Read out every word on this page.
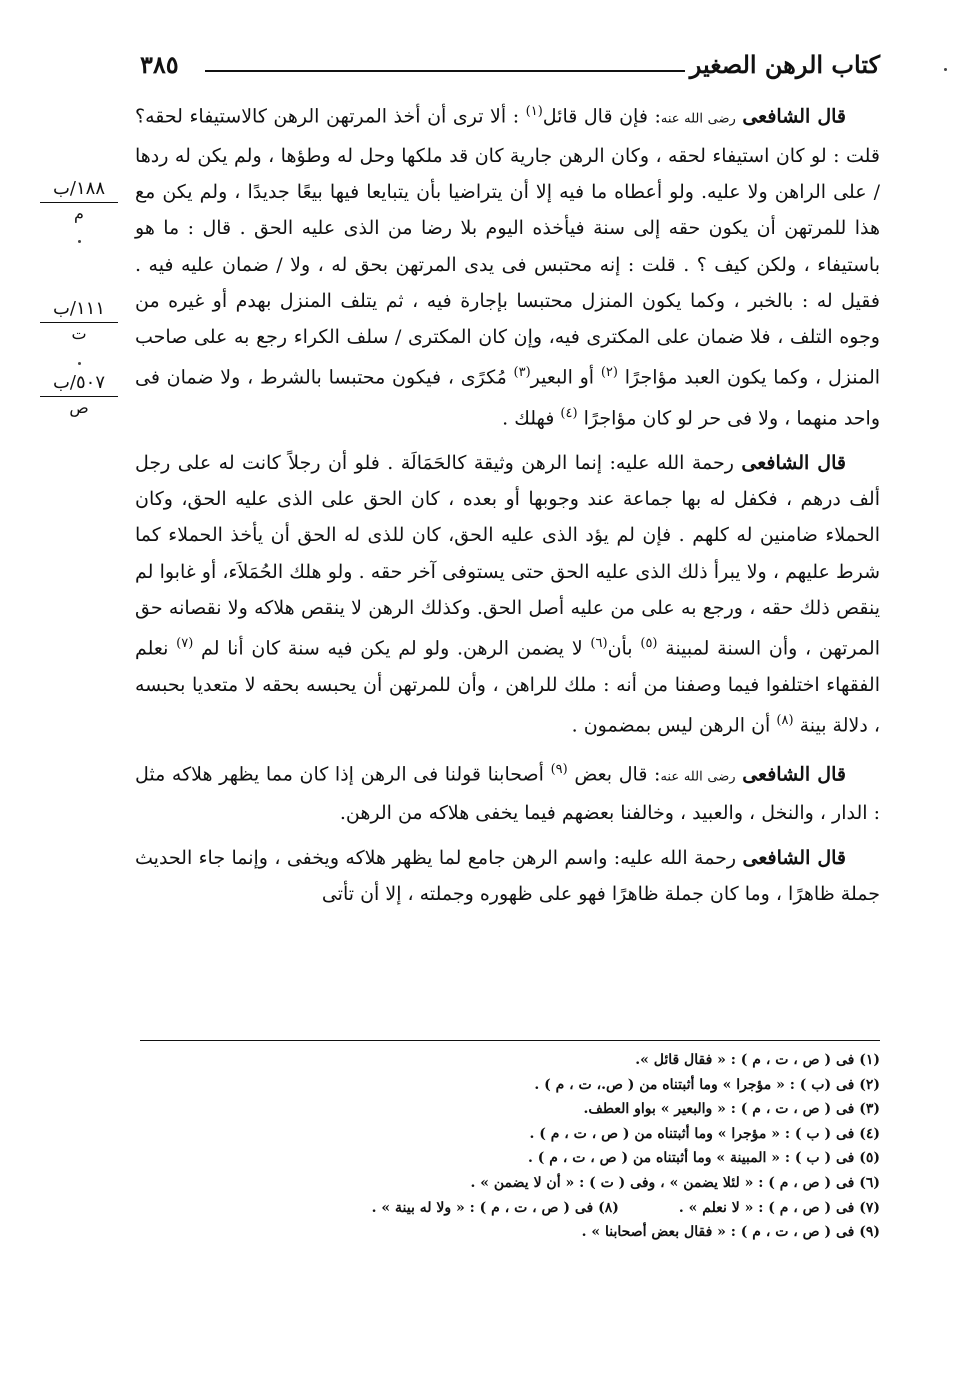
٣٨٥	كتاب الرهن الصغير
١٨٨/ب
م
١١١/ب
ت
٥٠٧/ب
ص

قال الشافعى رضى الله عنه: فإن قال قائل$^{(١)}$ : ألا ترى أن أخذ المرتهن الرهن كالاستيفاء لحقه؟ قلت : لو كان استيفاء لحقه ، وكان الرهن جارية كان قد ملكها وحل له وطؤها ، ولم يكن له ردها / على الراهن ولا عليه. ولو أعطاه ما فيه إلا أن يتراضيا بأن يتبايعا فيها بيعًا جديدًا ، ولم يكن مع هذا للمرتهن أن يكون حقه إلى سنة فيأخذه اليوم بلا رضا من الذى عليه الحق . قال : ما هو باستيفاء ، ولكن كيف ؟ . قلت : إنه محتبس فى يدى المرتهن بحق له ، ولا / ضمان عليه فيه . فقيل له : بالخبر ، وكما يكون المنزل محتبسا بإجارة فيه ، ثم يتلف المنزل بهدم أو غيره من وجوه التلف ، فلا ضمان على المكترى فيه، وإن كان المكترى / سلف الكراء رجع به على صاحب المنزل ، وكما يكون العبد مؤاجرًا $^{(٢)}$ أو البعير$^{(٣)}$ مُكرًى ، فيكون محتبسا بالشرط ، ولا ضمان فى واحد منهما ، ولا فى حر لو كان مؤاجرًا $^{(٤)}$ فهلك .

قال الشافعى رحمة الله عليه: إنما الرهن وثيقة كالحَمَالَة . فلو أن رجلاً كانت له على رجل ألف درهم ، فكفل له بها جماعة عند وجوبها أو بعده ، كان الحق على الذى عليه الحق، وكان الحملاء ضامنين له كلهم . فإن لم يؤد الذى عليه الحق، كان للذى له الحق أن يأخذ الحملاء كما شرط عليهم ، ولا يبرأ ذلك الذى عليه الحق حتى يستوفى آخر حقه . ولو هلك الحُمَلاَء، أو غابوا لم ينقص ذلك حقه ، ورجع به على من عليه أصل الحق. وكذلك الرهن لا ينقص هلاكه ولا نقصانه حق المرتهن ، وأن السنة لمبينة $^{(٥)}$ بأن$^{(٦)}$ لا يضمن الرهن. ولو لم يكن فيه سنة كان أنا لم $^{(٧)}$ نعلم الفقهاء اختلفوا فيما وصفنا من أنه : ملك للراهن ، وأن للمرتهن أن يحبسه بحقه لا متعديا بحبسه ، دلالة بينة $^{(٨)}$ أن الرهن ليس بمضمون .

قال الشافعى رضى الله عنه: قال بعض $^{(٩)}$ أصحابنا قولنا فى الرهن إذا كان مما يظهر هلاكه مثل : الدار ، والنخل ، والعبيد ، وخالفنا بعضهم فيما يخفى هلاكه من الرهن.

قال الشافعى رحمة الله عليه: واسم الرهن جامع لما يظهر هلاكه ويخفى ، وإنما جاء الحديث جملة ظاهرًا ، وما كان جملة ظاهرًا فهو على ظهوره وجملته ، إلا أن تأتى

(١) فى ( ص ، ت ، م ) : « فقال قائل ».
(٢) فى (ب ) : « مؤجرا » وما أثبتناه من ( ص.، ت ، م ) .
(٣) فى ( ص ، ت ، م ) : « والبعير » بواو العطف.
(٤) فى ( ب ) : « مؤجرا » وما أثبتناه من ( ص ، ت ، م ) .
(٥) فى ( ب ) : « المبينة » وما أثبتناه من ( ص ، ت ، م ) .
(٦) فى ( ص ، م ) : « لئلا يضمن » ، وفى ( ت ) : « أن لا يضمن » .
(٧) فى ( ص ، م ) : « لا نعلم » .(٨) فى ( ص ، ت ، م ) : « ولا له بينة » .
(٩) فى ( ص ، ت ، م ) : « فقال بعض أصحابنا » .
